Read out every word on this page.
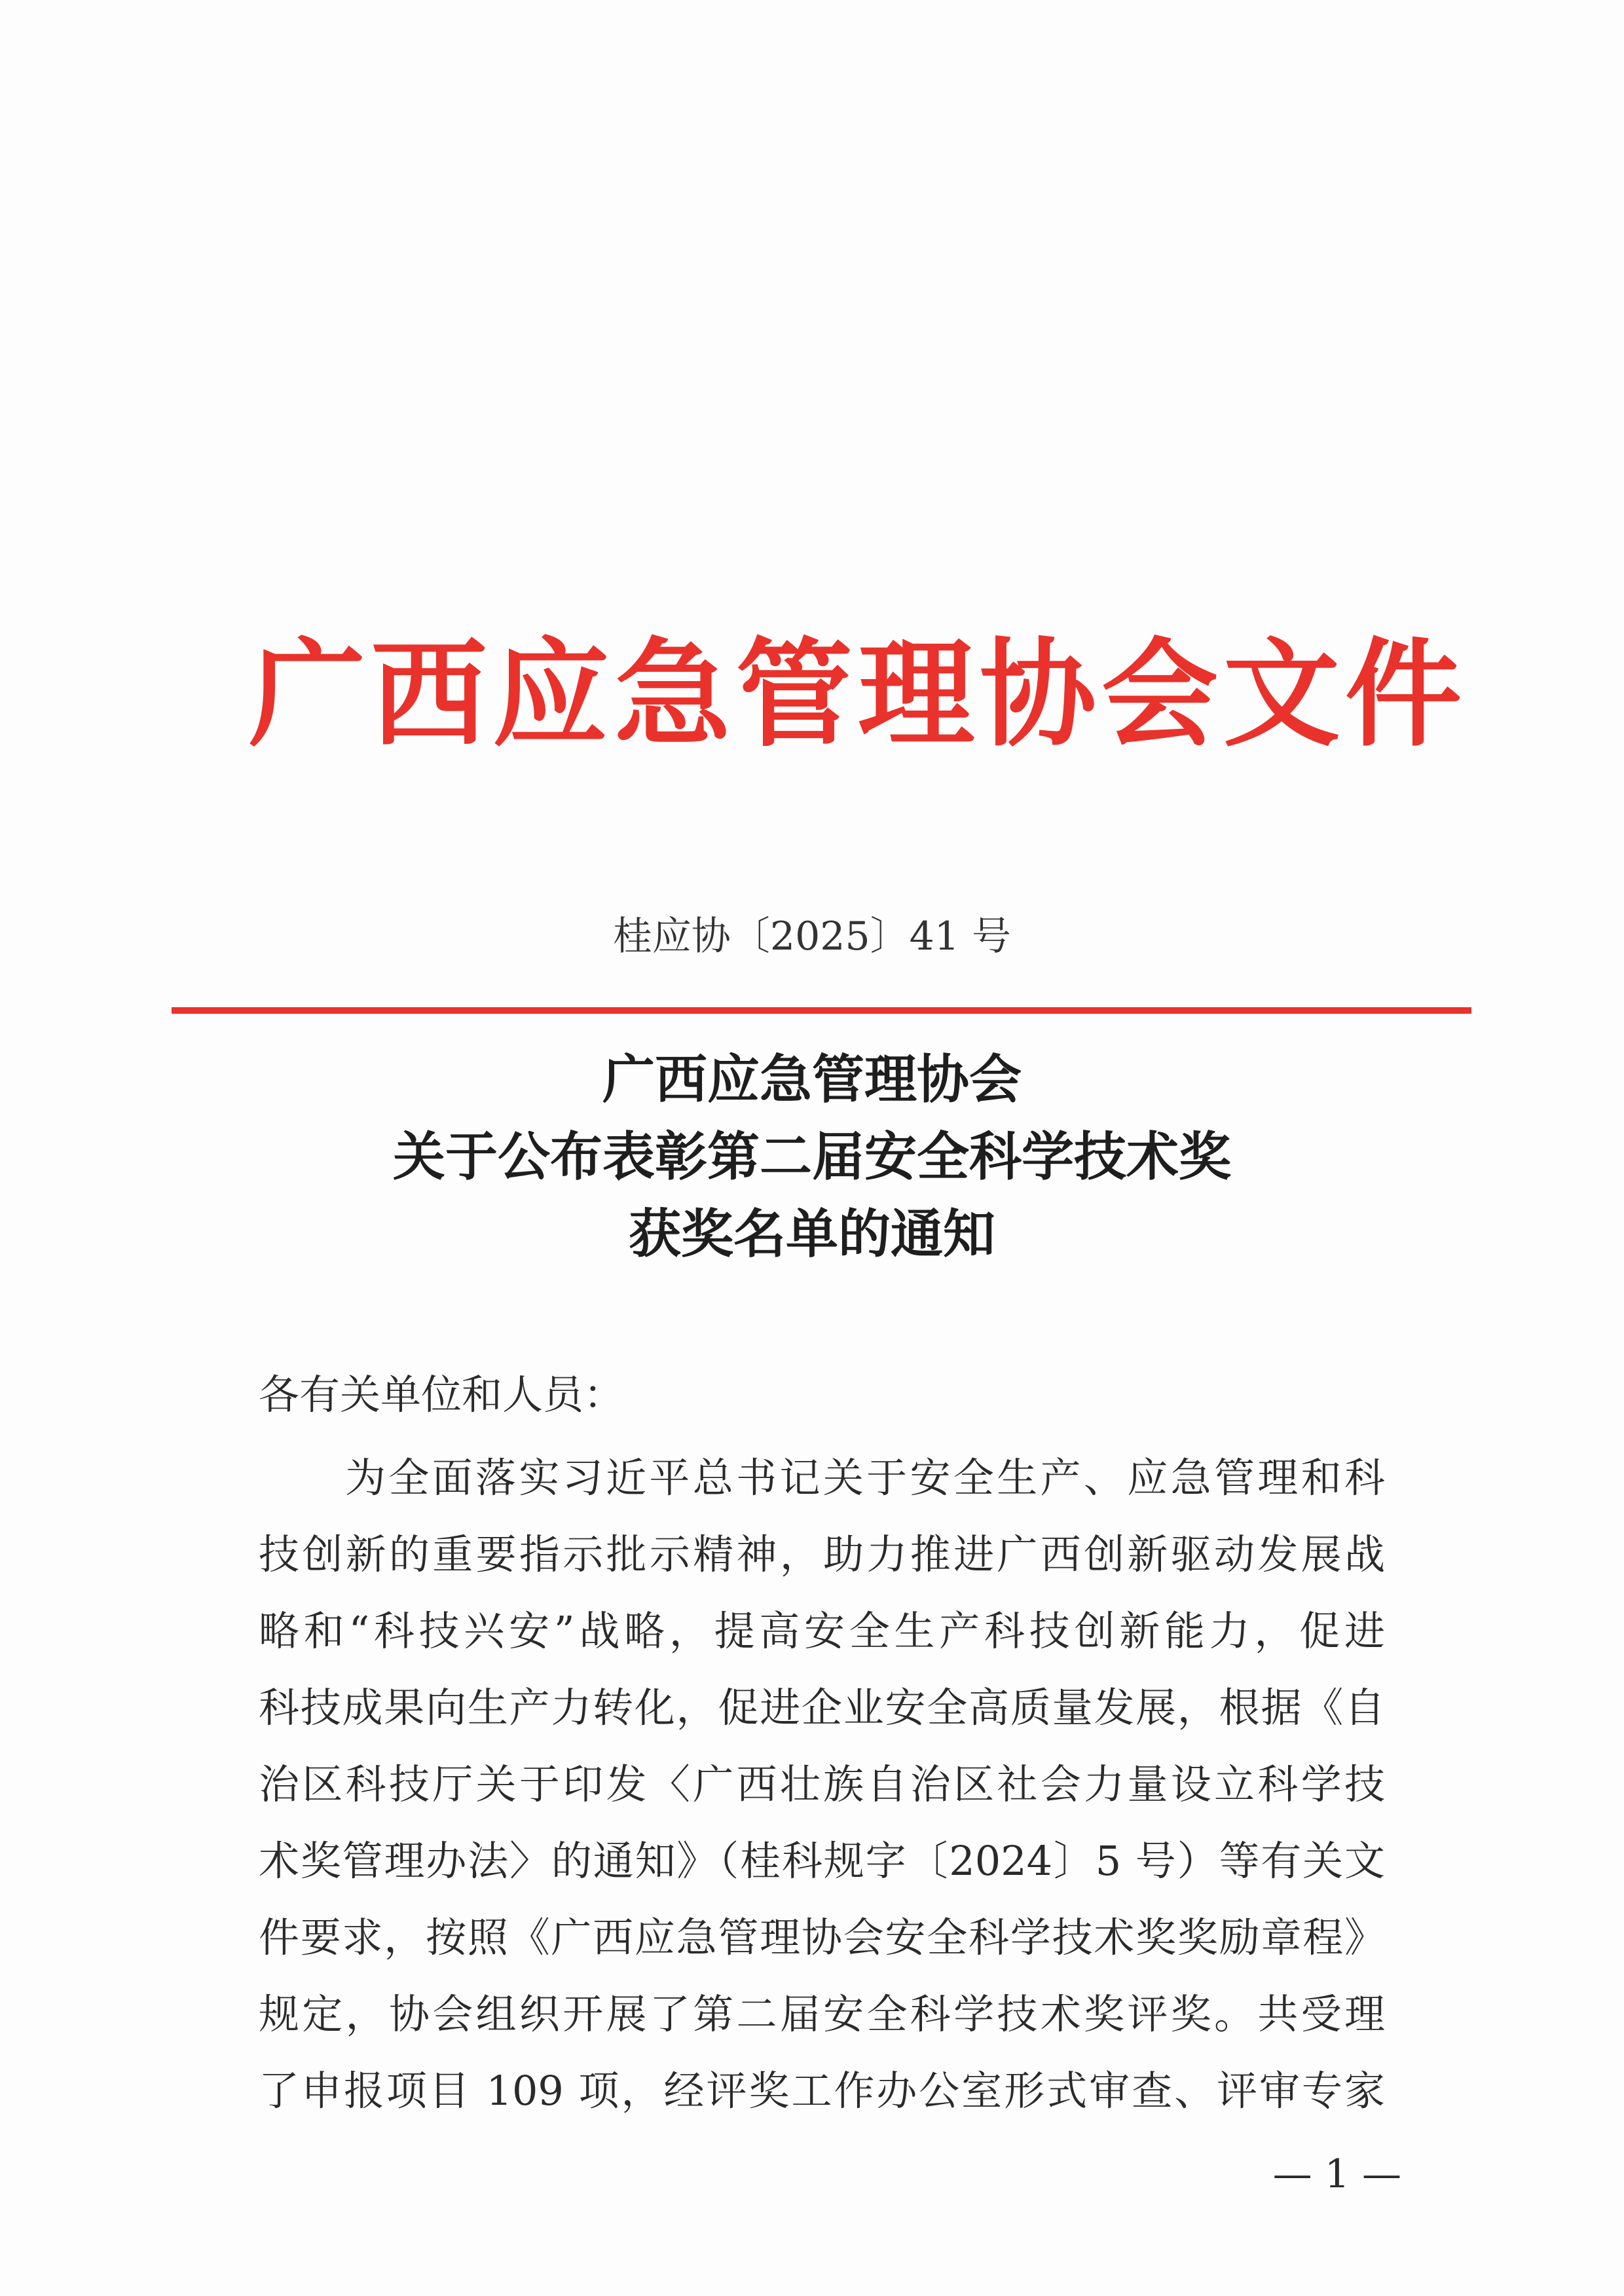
广西应急管理协会文件
桂应协〔2025〕41 号
广西应急管理协会
关于公布表彰第二届安全科学技术奖
获奖名单的通知
各有关单位和人员：
为全面落实习近平总书记关于安全生产、应急管理和科
技创新的重要指示批示精神，助力推进广西创新驱动发展战
略和“科技兴安”战略，提高安全生产科技创新能力，促进
科技成果向生产力转化，促进企业安全高质量发展，根据《自
治区科技厅关于印发〈广西壮族自治区社会力量设立科学技
术奖管理办法〉的通知》（桂科规字〔2024〕5 号）等有关文
件要求，按照《广西应急管理协会安全科学技术奖奖励章程》
规定，协会组织开展了第二届安全科学技术奖评奖。共受理
了申报项目 109 项，经评奖工作办公室形式审查、评审专家
— 1 —
